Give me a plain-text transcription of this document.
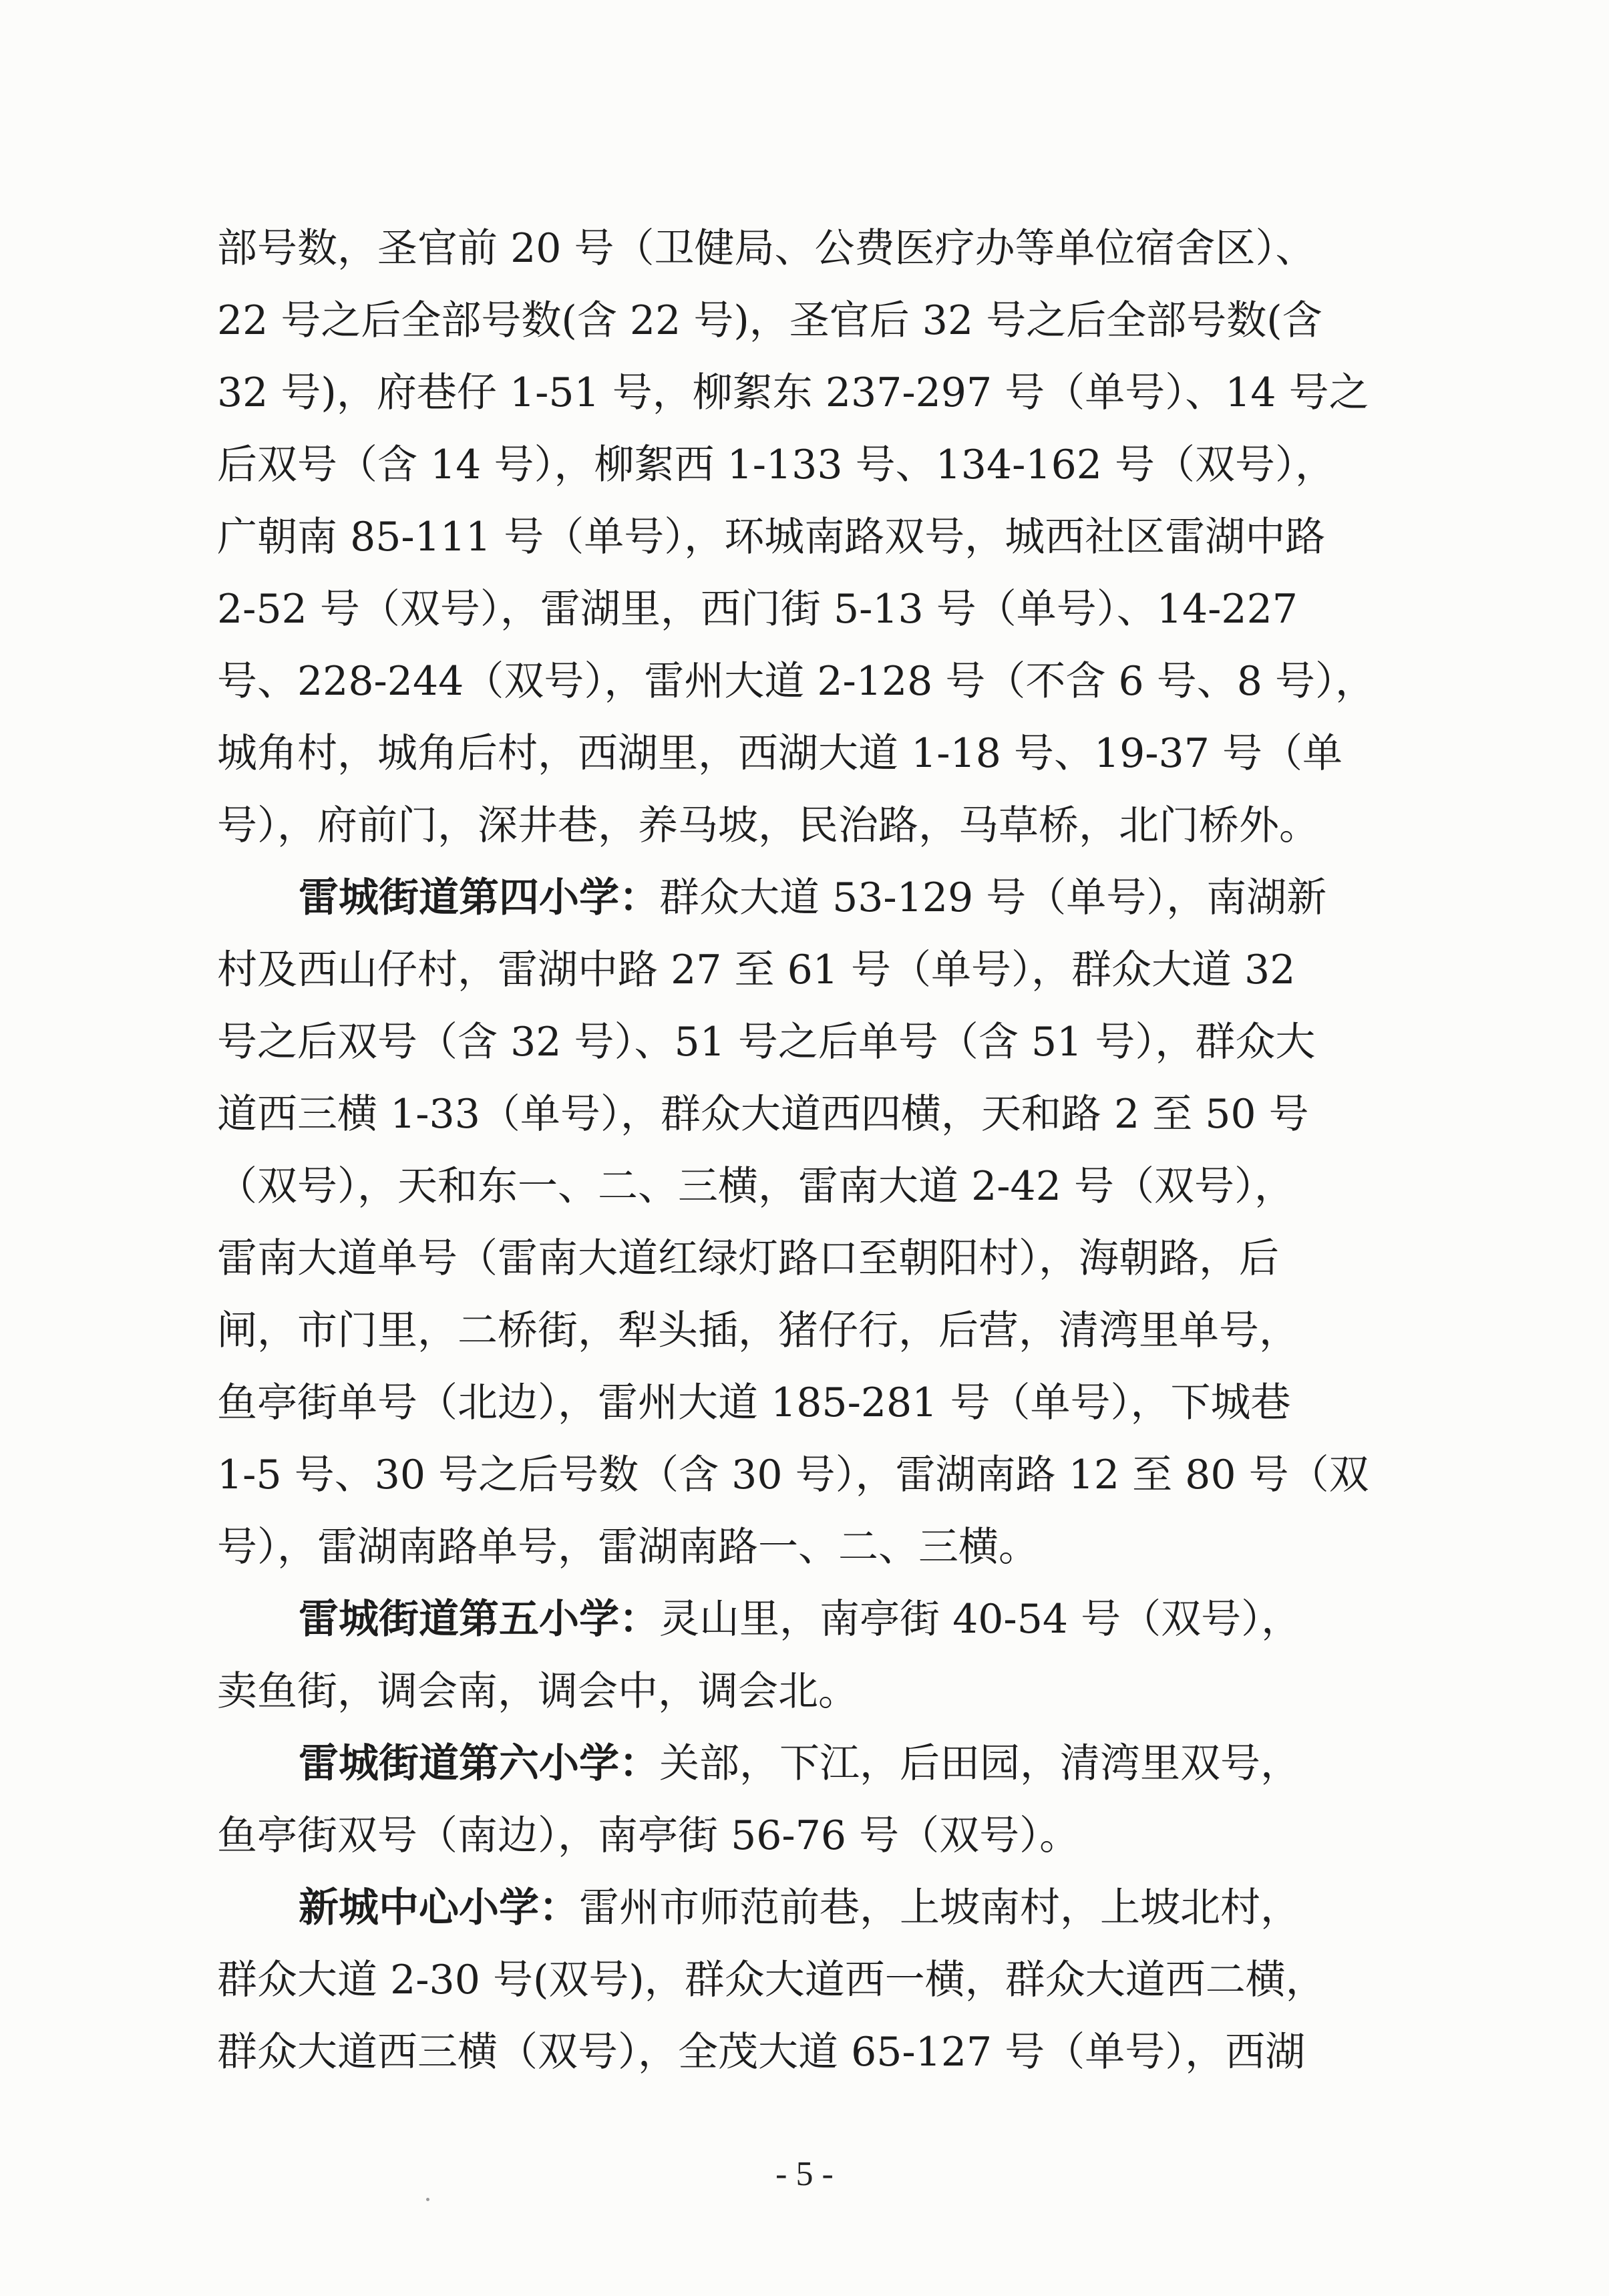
部号数，圣官前 20 号（卫健局、公费医疗办等单位宿舍区）、
22 号之后全部号数(含 22 号)，圣官后 32 号之后全部号数(含
32 号)，府巷仔 1-51 号，柳絮东 237-297 号（单号）、14 号之
后双号（含 14 号），柳絮西 1-133 号、134-162 号（双号），
广朝南 85-111 号（单号），环城南路双号，城西社区雷湖中路
2-52 号（双号），雷湖里，西门街 5-13 号（单号）、14-227
号、228-244（双号），雷州大道 2-128 号（不含 6 号、8 号），
城角村，城角后村，西湖里，西湖大道 1-18 号、19-37 号（单
号），府前门，深井巷，养马坡，民治路，马草桥，北门桥外。
雷城街道第四小学：群众大道 53-129 号（单号），南湖新
村及西山仔村，雷湖中路 27 至 61 号（单号），群众大道 32
号之后双号（含 32 号）、51 号之后单号（含 51 号），群众大
道西三横 1-33（单号），群众大道西四横，天和路 2 至 50 号
（双号），天和东一、二、三横，雷南大道 2-42 号（双号），
雷南大道单号（雷南大道红绿灯路口至朝阳村），海朝路，后
闸，市门里，二桥街，犁头插，猪仔行，后营，清湾里单号，
鱼亭街单号（北边），雷州大道 185-281 号（单号），下城巷
1-5 号、30 号之后号数（含 30 号），雷湖南路 12 至 80 号（双
号），雷湖南路单号，雷湖南路一、二、三横。
雷城街道第五小学：灵山里，南亭街 40-54 号（双号），
卖鱼街，调会南，调会中，调会北。
雷城街道第六小学：关部，下江，后田园，清湾里双号，
鱼亭街双号（南边），南亭街 56-76 号（双号）。
新城中心小学：雷州市师范前巷，上坡南村，上坡北村，
群众大道 2-30 号(双号)，群众大道西一横，群众大道西二横，
群众大道西三横（双号），全茂大道 65-127 号（单号），西湖
- 5 -
